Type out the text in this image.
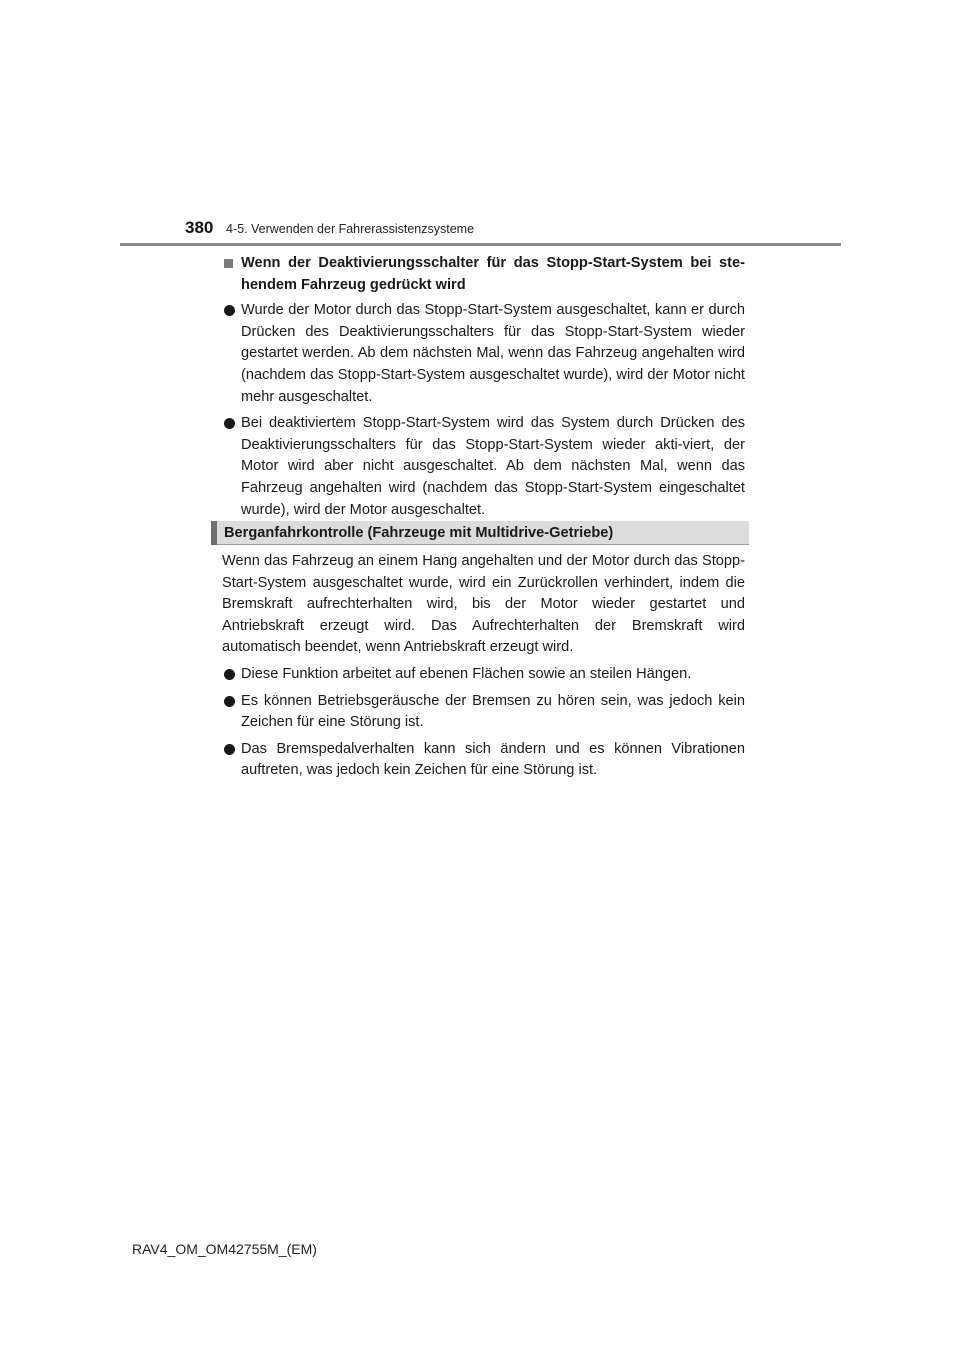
380 4-5. Verwenden der Fahrerassistenzsysteme
Wenn der Deaktivierungsschalter für das Stopp-Start-System bei ste-hendem Fahrzeug gedrückt wird
Wurde der Motor durch das Stopp-Start-System ausgeschaltet, kann er durch Drücken des Deaktivierungsschalters für das Stopp-Start-System wieder gestartet werden. Ab dem nächsten Mal, wenn das Fahrzeug angehalten wird (nachdem das Stopp-Start-System ausgeschaltet wurde), wird der Motor nicht mehr ausgeschaltet.
Bei deaktiviertem Stopp-Start-System wird das System durch Drücken des Deaktivierungsschalters für das Stopp-Start-System wieder akti-viert, der Motor wird aber nicht ausgeschaltet. Ab dem nächsten Mal, wenn das Fahrzeug angehalten wird (nachdem das Stopp-Start-System eingeschaltet wurde), wird der Motor ausgeschaltet.
Berganfahrkontrolle (Fahrzeuge mit Multidrive-Getriebe)

Wenn das Fahrzeug an einem Hang angehalten und der Motor durch das Stopp-Start-System ausgeschaltet wurde, wird ein Zurückrollen verhindert, indem die Bremskraft aufrechterhalten wird, bis der Motor wieder gestartet und Antriebskraft erzeugt wird. Das Aufrechterhalten der Bremskraft wird automatisch beendet, wenn Antriebskraft erzeugt wird.

Diese Funktion arbeitet auf ebenen Flächen sowie an steilen Hängen.
Es können Betriebsgeräusche der Bremsen zu hören sein, was jedoch kein Zeichen für eine Störung ist.
Das Bremspedalverhalten kann sich ändern und es können Vibrationen auftreten, was jedoch kein Zeichen für eine Störung ist.
RAV4_OM_OM42755M_(EM)
